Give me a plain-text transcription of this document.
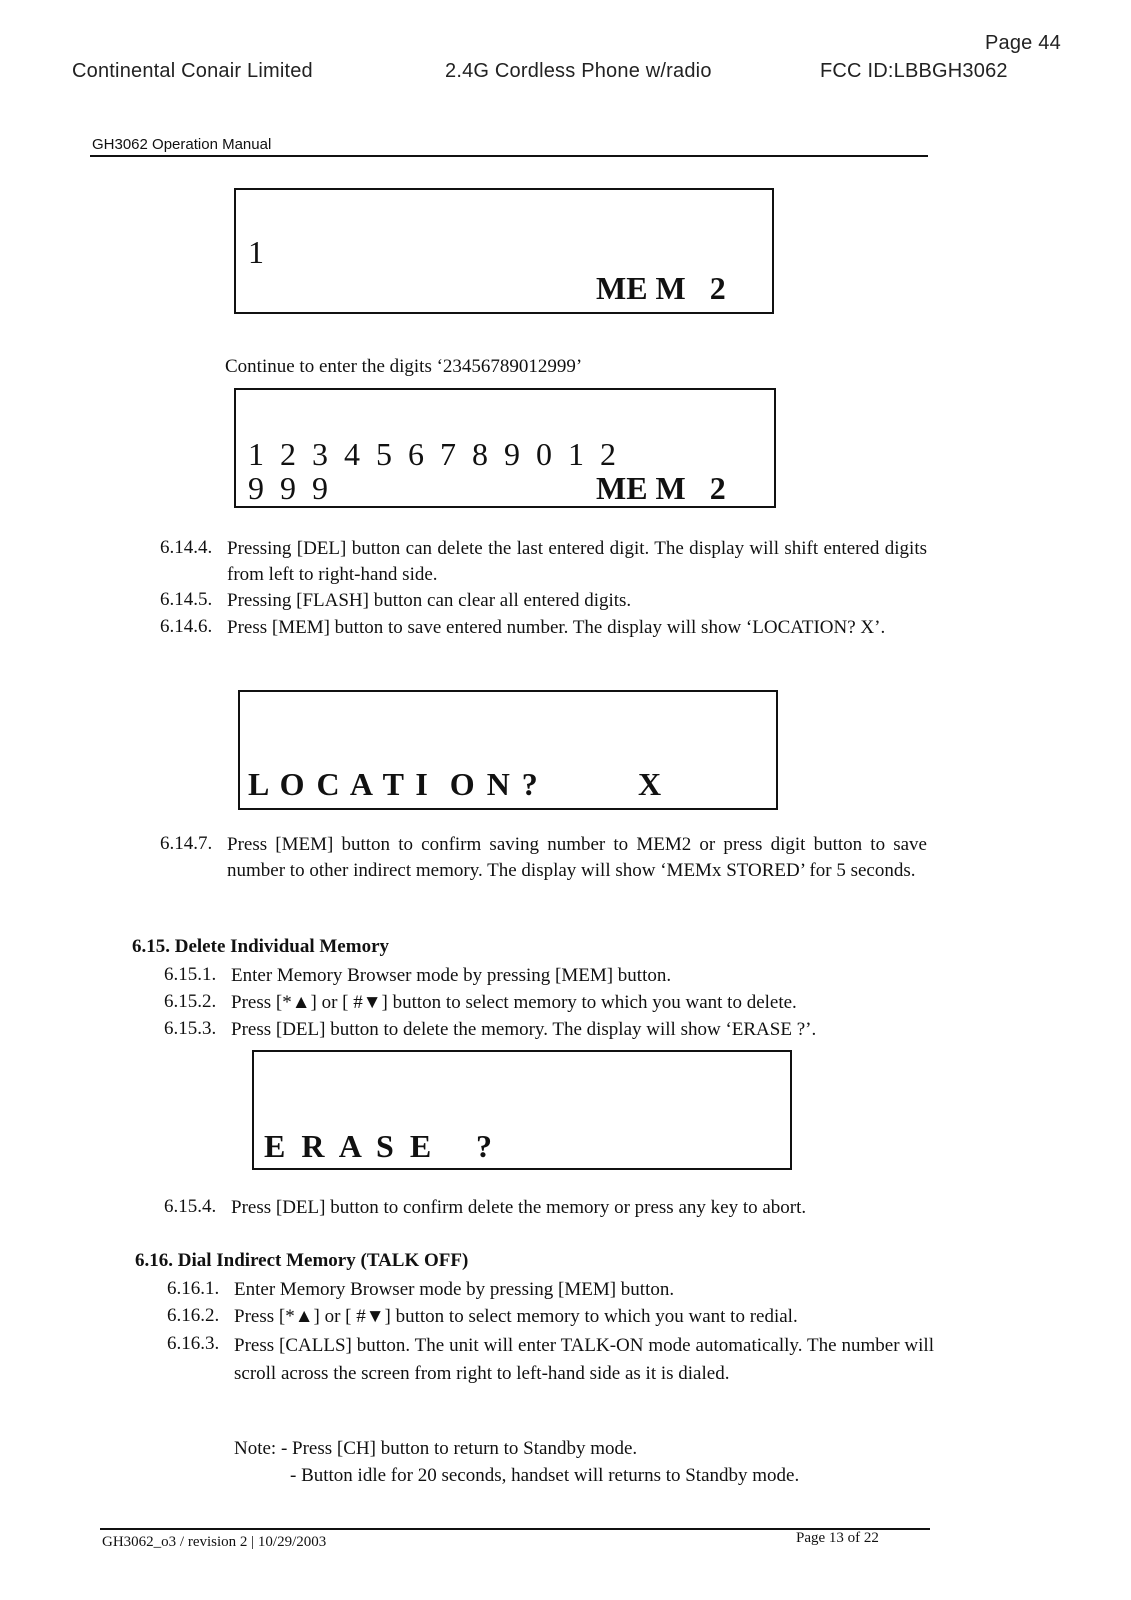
Page 44
Continental Conair Limited	2.4G Cordless Phone w/radio	FCC ID:LBBGH3062
GH3062 Operation Manual
1
ME M   2
Continue to enter the digits ‘23456789012999’
1  2  3  4  5  6  7  8  9  0  1  2
9  9  9	ME M   2
6.14.4. Pressing [DEL] button can delete the last entered digit. The display will shift entered digits from left to right-hand side.
6.14.5. Pressing [FLASH] button can clear all entered digits.
6.14.6. Press [MEM] button to save entered number. The display will show ‘LOCATION? X’.
L O C A T I  O N ?	X
6.14.7. Press [MEM] button to confirm saving number to MEM2 or press digit button to save number to other indirect memory. The display will show ‘MEMx STORED’ for 5 seconds.
6.15. Delete Individual Memory
6.15.1. Enter Memory Browser mode by pressing [MEM] button.
6.15.2. Press [*▲] or [ #▼] button to select memory to which you want to delete.
6.15.3. Press [DEL] button to delete the memory. The display will show ‘ERASE ?’.
E R A S E ?
6.15.4. Press [DEL] button to confirm delete the memory or press any key to abort.
6.16. Dial Indirect Memory (TALK OFF)
6.16.1. Enter Memory Browser mode by pressing [MEM] button.
6.16.2. Press [*▲] or [ #▼] button to select memory to which you want to redial.
6.16.3. Press [CALLS] button. The unit will enter TALK-ON mode automatically. The number will scroll across the screen from right to left-hand side as it is dialed.
Note: - Press [CH] button to return to Standby mode.
- Button idle for 20 seconds, handset will returns to Standby mode.
GH3062_o3 / revision 2 | 10/29/2003	Page 13 of 22
